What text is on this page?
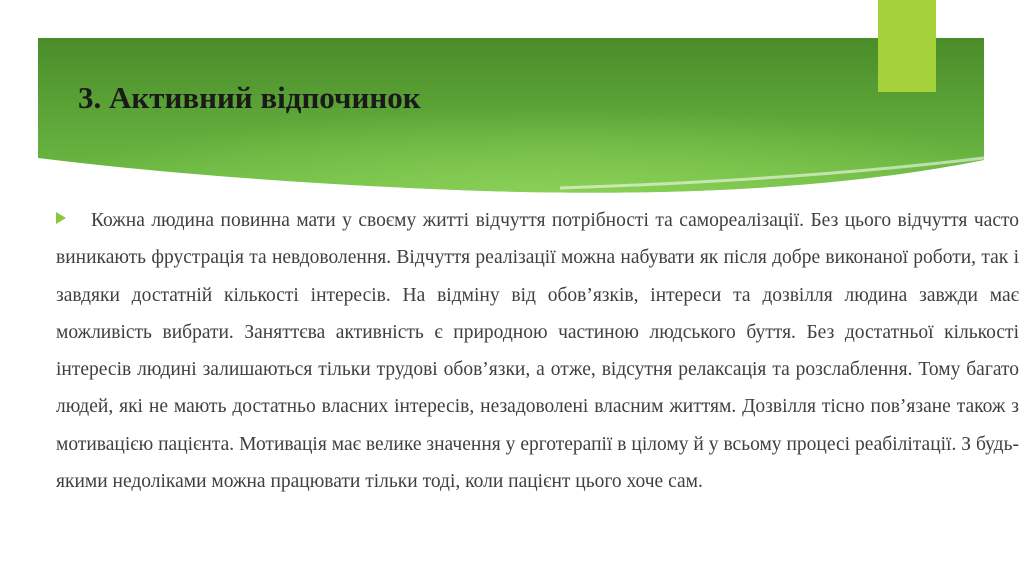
3. Активний відпочинок

Кожна людина повинна мати у своєму житті відчуття потрібності та самореалізації. Без цього відчуття часто виникають фрустрація та невдоволення. Відчуття реалізації можна набувати як після добре виконаної роботи, так і завдяки достатній кількості інтересів. На відміну від обов’язків, інтереси та дозвілля людина завжди має можливість вибрати. Заняттєва активність є природною частиною людського буття. Без достатньої кількості інтересів людині залишаються тільки трудові обов’язки, а отже, відсутня релаксація та розслаблення. Тому багато людей, які не мають достатньо власних інтересів, незадоволені власним життям. Дозвілля тісно пов’язане також з мотивацією пацієнта. Мотивація має велике значення у ерготерапії в цілому й у всьому процесі реабілітації. З будь-якими недоліками можна працювати тільки тоді, коли пацієнт цього хоче сам.
